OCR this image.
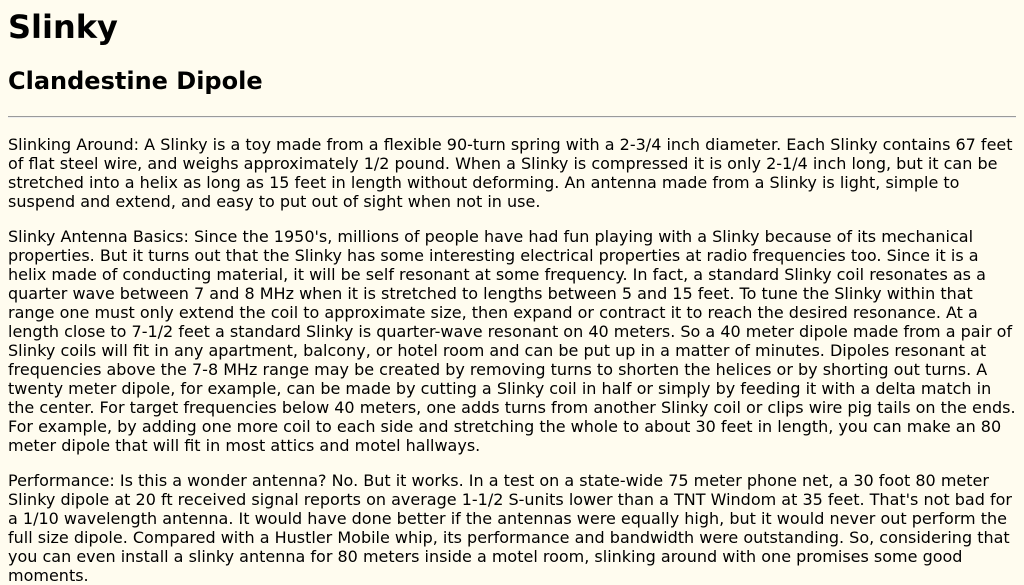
Slinky
Clandestine Dipole

Slinking Around: A Slinky is a toy made from a flexible 90-turn spring with a 2-3/4 inch diameter. Each Slinky contains 67 feet of flat steel wire, and weighs approximately 1/2 pound. When a Slinky is compressed it is only 2-1/4 inch long, but it can be stretched into a helix as long as 15 feet in length without deforming. An antenna made from a Slinky is light, simple to suspend and extend, and easy to put out of sight when not in use.

Slinky Antenna Basics: Since the 1950's, millions of people have had fun playing with a Slinky because of its mechanical properties. But it turns out that the Slinky has some interesting electrical properties at radio frequencies too. Since it is a helix made of conducting material, it will be self resonant at some frequency. In fact, a standard Slinky coil resonates as a quarter wave between 7 and 8 MHz when it is stretched to lengths between 5 and 15 feet. To tune the Slinky within that range one must only extend the coil to approximate size, then expand or contract it to reach the desired resonance. At a length close to 7-1/2 feet a standard Slinky is quarter-wave resonant on 40 meters. So a 40 meter dipole made from a pair of Slinky coils will fit in any apartment, balcony, or hotel room and can be put up in a matter of minutes. Dipoles resonant at frequencies above the 7-8 MHz range may be created by removing turns to shorten the helices or by shorting out turns. A twenty meter dipole, for example, can be made by cutting a Slinky coil in half or simply by feeding it with a delta match in the center. For target frequencies below 40 meters, one adds turns from another Slinky coil or clips wire pig tails on the ends. For example, by adding one more coil to each side and stretching the whole to about 30 feet in length, you can make an 80 meter dipole that will fit in most attics and motel hallways.

Performance: Is this a wonder antenna? No. But it works. In a test on a state-wide 75 meter phone net, a 30 foot 80 meter Slinky dipole at 20 ft received signal reports on average 1-1/2 S-units lower than a TNT Windom at 35 feet. That's not bad for a 1/10 wavelength antenna. It would have done better if the antennas were equally high, but it would never out perform the full size dipole. Compared with a Hustler Mobile whip, its performance and bandwidth were outstanding. So, considering that you can even install a slinky antenna for 80 meters inside a motel room, slinking around with one promises some good moments.
